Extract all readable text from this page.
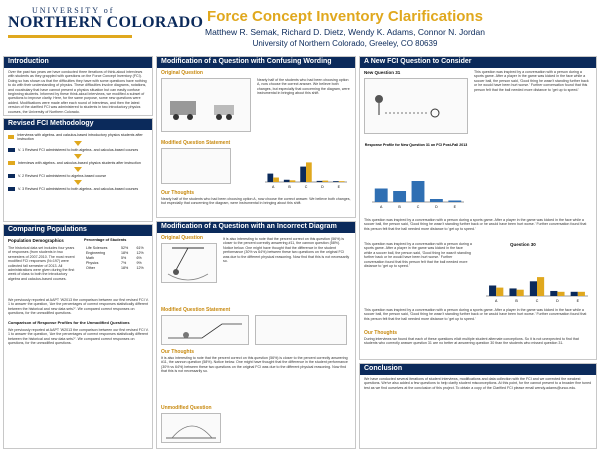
UNIVERSITY of
NORTHERN COLORADO Force Concept Inventory Clarifications
Matthew R. Semak, Richard D. Dietz, Wendy K. Adams, Connor N. Jordan
University of Northern Colorado, Greeley, CO 80639
Introduction
Over the past two years we have conducted three iterations of think-aloud interviews with students as they grappled with questions on the Force Concept Inventory (FCI). Doing so has shown us that the difficulties they have with some questions have nothing to do with their understanding of physics. These difficulties involve diagrams, notations, and vocabulary that have cannot present a physics situation but can easily confuse beginning students. Informed by these think-aloud interviews, we modified a subset of questions to improve clarity. Here, for the same purpose, some new questions were added. Modifications were made after each round of interviews, and then the latest version of the clarified FCI was administered to students in two introductory physics courses, the University of Northern Colorado.
Revised FCI Methodology
Interviews with algebra- and calculus-based introductory physics students after instruction
V. 1 Revised FCI administered to both algebra- and calculus-based courses
Interviews with algebra- and calculus-based physics students after instruction
V. 2 Revised FCI administered to algebra-based course
V. 3 Revised FCI administered to both algebra- and calculus-based courses
Comparing Populations
Population Demographics
The historical data set includes four years of responses (from students in two semesters of 2007-2010. The most recent modified FCI responses (N=197) were collected fall semester of 2013. All administrations were given during the first week of class to both the introductory algebra and calculus-based courses.
Percentage of Students
Life Sciences	52%	61%
Engineering	18%	12%
Math	5%	6%
Physics	7%	9%
Other	18%	12%
We previously reported at AAPT 'W2013 the comparison between our first revised FCI V. 1 to answer the question, 'Are the percentages of correct responses statistically different between the historical and new data sets?'. We compared correct responses on questions, for the unmodified questions.
Comparison of Response Profiles for the Unmodified Questions
We previously reported at AAPT 'W2013 the comparison between our first revised FCI V. 1 to answer the question, 'Are the percentages of correct responses statistically different between the historical and new data sets?'. We compared correct responses on questions, for the unmodified questions.
Modification of a Question with Confusing Wording
Original Question
Nearly half of the students who had been choosing option A, now choose the correct answer. We believe both changes, but especially that concerning the diagram, were instrumental in bringing about this shift.
Modified Question Statement
A	B	C	D	E
Our Thoughts
Nearly half of the students who had been choosing option A, now choose the correct answer. We believe both changes, but especially that concerning the diagram, were instrumental in bringing about this shift.
Modification of a Question with an Incorrect Diagram
Original Question	It is also interesting to note that the percent correct on this question (56%) is closer to the percent correctly answering #11, the cannon question (58%). Notice below. One might have thought that the difference in the student performance (30% vs 64%) between these two questions on the original FCI was due to the different physical reasoning. Now find that this is not necessarily so.
Modified Question Statement
Our Thoughts
It is also interesting to note that the percent correct on this question (56%) is closer to the percent correctly answering #11, the cannon question (58%). Notice below. One might have thought that the difference in the student performance (30% vs 64%) between these two questions on the original FCI was due to the different physical reasoning. Now find that this is not necessarily so.
Unmodified Question
A New FCI Question to Consider
New Question 31
Response Profile for New Question 31 on FCI Post-Fall 2013
A	B	C	D	E
This question was inspired by a conversation with a person during a sports game. After a player in the game was kicked in the face while a soccer ball, the person said, 'Good thing he wasn't standing further back or he would have been hurt worse.' Further conversation found that this person felt that the ball needed more distance to 'get up to speed.'
This question was inspired by a conversation with a person during a sports game. After a player in the game was kicked in the face while a soccer ball, the person said, 'Good thing he wasn't standing further back or he would have been hurt worse.' Further conversation found that this person felt that the ball needed more distance to 'get up to speed.'
This question was inspired by a conversation with a person during a sports game. After a player in the game was kicked in the face while a soccer ball, the person said, 'Good thing he wasn't standing further back or he would have been hurt worse.' Further conversation found that this person felt that the ball needed more distance to 'get up to speed.'
Question 30
A	B	C	D	E
This question was inspired by a conversation with a person during a sports game. After a player in the game was kicked in the face while a soccer ball, the person said, 'Good thing he wasn't standing further back or he would have been hurt worse.' Further conversation found that this person felt that the ball needed more distance to 'get up to speed.'
Our Thoughts
During interviews we found that each of these questions elicit multiple student alternate conceptions. So it is not unexpected to find that students who correctly answer question 31 are no better at answering question 30 than the students who missed question 31.
Conclusion
We have conducted several iterations of student interviews, modifications and data collection with the FCI and we corrected the weakest questions. We've also added a few questions to help clarify student misconceptions. At this point, for the cannot present to a broader fine tuned test as we find ourselves at the conclusion of this project. To obtain a copy of the Clarified FCI please email wendy.adams@unco.edu.
